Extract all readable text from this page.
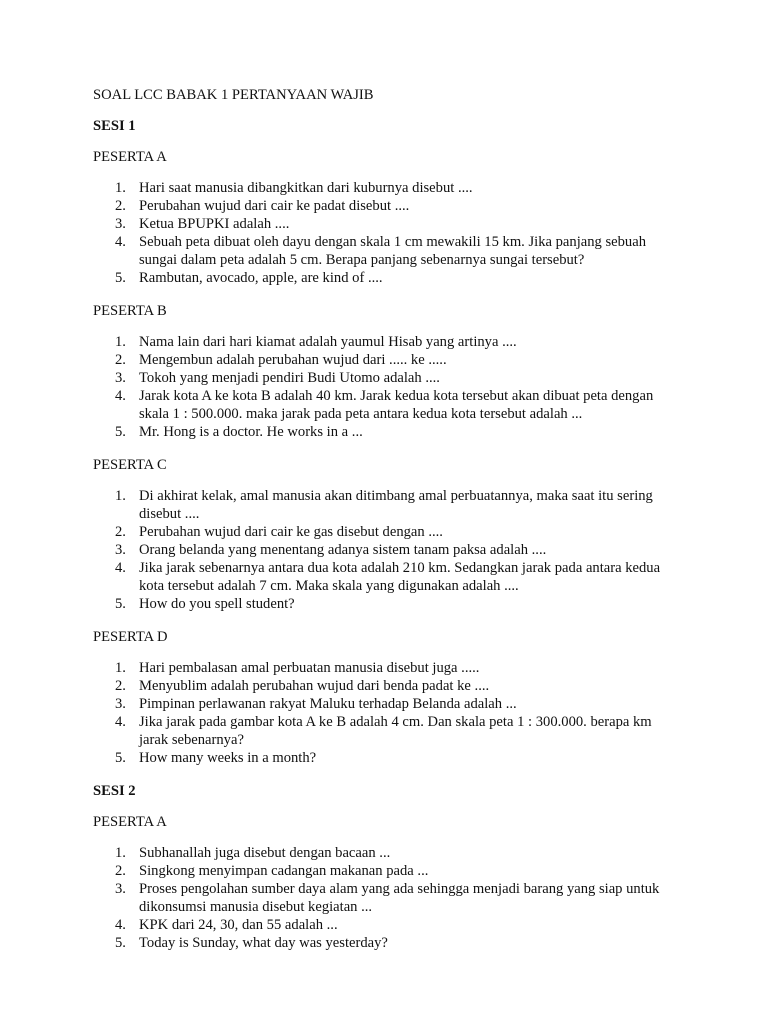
SOAL LCC BABAK 1 PERTANYAAN WAJIB
SESI 1
PESERTA A
1. Hari saat manusia dibangkitkan dari kuburnya disebut ....
2. Perubahan wujud dari cair ke padat disebut ....
3. Ketua BPUPKI adalah ....
4. Sebuah peta dibuat oleh dayu dengan skala 1 cm mewakili 15 km. Jika panjang sebuah sungai dalam peta adalah 5 cm. Berapa panjang sebenarnya sungai tersebut?
5. Rambutan, avocado, apple, are kind of ....
PESERTA B
1. Nama lain dari hari kiamat adalah yaumul Hisab yang artinya ....
2. Mengembun adalah perubahan wujud dari ..... ke .....
3. Tokoh yang menjadi pendiri Budi Utomo adalah ....
4. Jarak kota A ke kota B adalah 40 km. Jarak kedua kota tersebut akan dibuat peta dengan skala 1 : 500.000. maka jarak pada peta antara kedua kota tersebut adalah ...
5. Mr. Hong is a doctor. He works in a ...
PESERTA C
1. Di akhirat kelak, amal manusia akan ditimbang amal perbuatannya, maka saat itu sering disebut ....
2. Perubahan wujud dari cair ke gas disebut dengan ....
3. Orang belanda yang menentang adanya sistem tanam paksa adalah ....
4. Jika jarak sebenarnya antara dua kota adalah 210 km. Sedangkan jarak pada antara kedua kota tersebut adalah 7 cm. Maka skala yang digunakan adalah ....
5. How do you spell student?
PESERTA D
1. Hari pembalasan amal perbuatan manusia disebut juga .....
2. Menyublim adalah perubahan wujud dari benda padat ke ....
3. Pimpinan perlawanan rakyat Maluku terhadap Belanda adalah ...
4. Jika jarak pada gambar kota A ke B adalah 4 cm. Dan skala peta 1 : 300.000. berapa km jarak sebenarnya?
5. How many weeks in a month?
SESI 2
PESERTA A
1. Subhanallah juga disebut dengan bacaan ...
2. Singkong menyimpan cadangan makanan pada ...
3. Proses pengolahan sumber daya alam yang ada sehingga menjadi barang yang siap untuk dikonsumsi manusia disebut kegiatan ...
4. KPK dari 24, 30, dan 55 adalah ...
5. Today is Sunday, what day was yesterday?
